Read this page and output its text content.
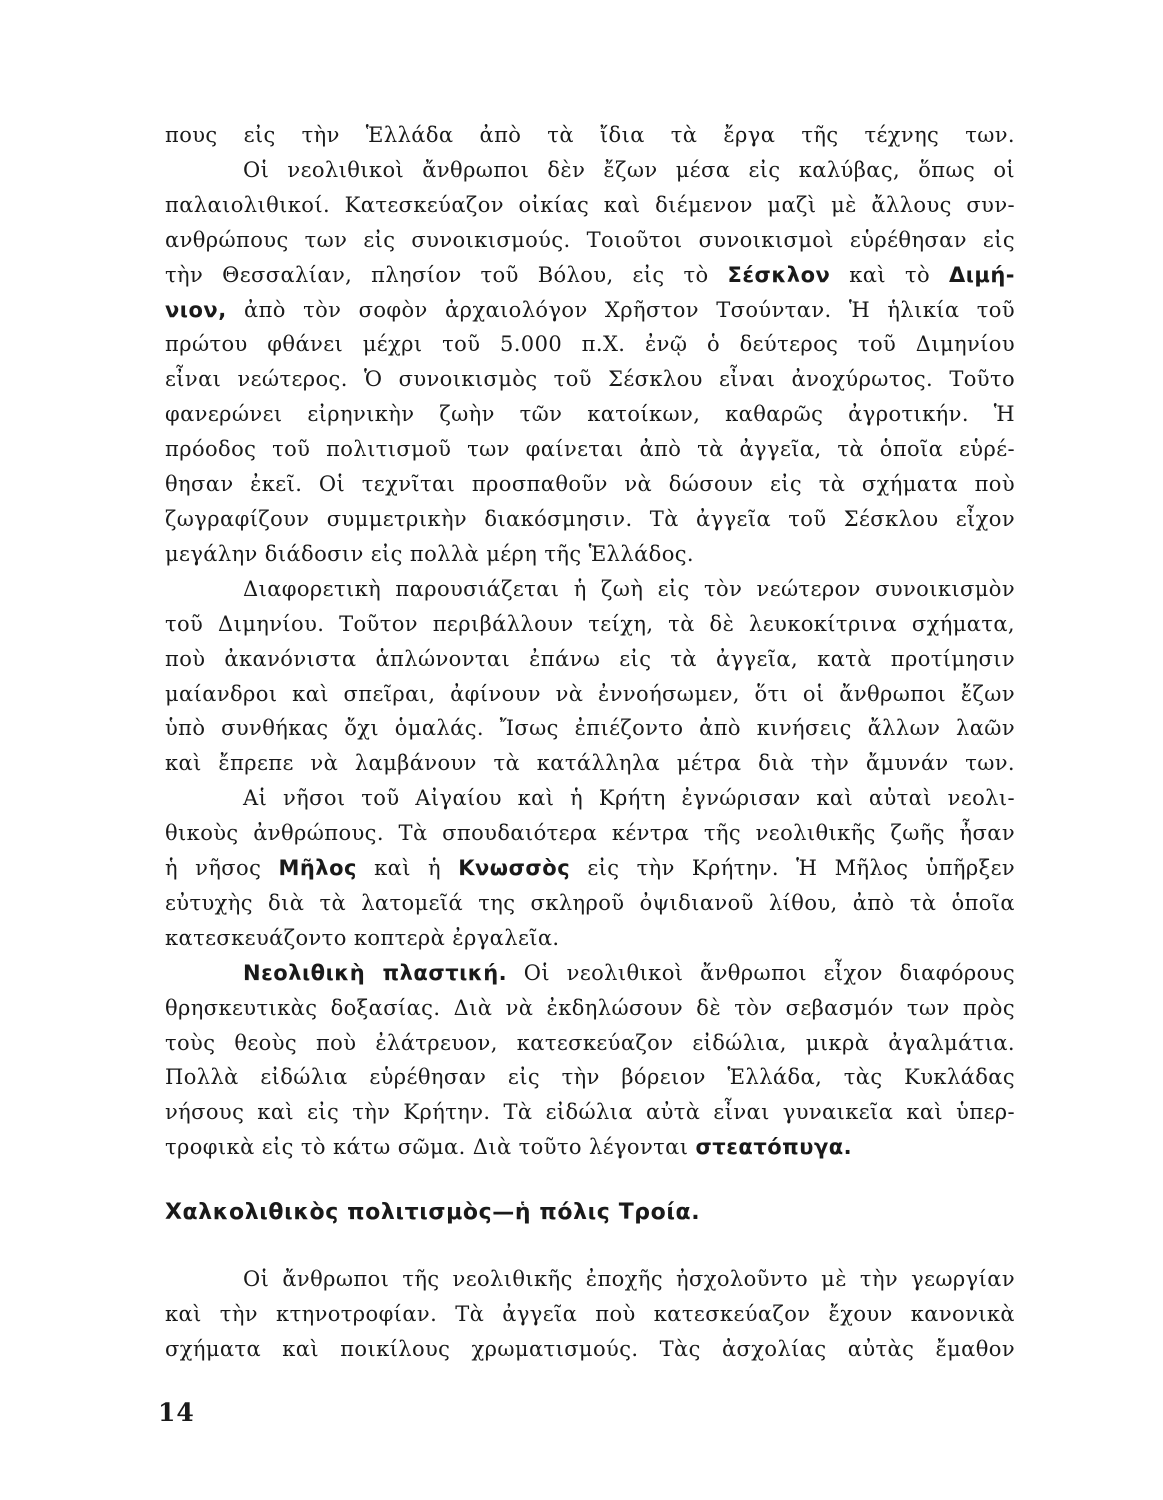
πους εἰς τὴν Ἑλλάδα ἀπὸ τὰ ἴδια τὰ ἔργα τῆς τέχνης των.
Οἱ νεολιθικοὶ ἄνθρωποι δὲν ἔζων μέσα εἰς καλύβας, ὅπως οἱ
παλαιολιθικοί. Κατεσκεύαζον οἰκίας καὶ διέμενον μαζὶ μὲ ἄλλους συν-
ανθρώπους των εἰς συνοικισμούς. Τοιοῦτοι συνοικισμοὶ εὑρέθησαν εἰς
τὴν Θεσσαλίαν, πλησίον τοῦ Βόλου, εἰς τὸ Σέσκλον καὶ τὸ Διμή-
νιον, ἀπὸ τὸν σοφὸν ἀρχαιολόγον Χρῆστον Τσούνταν. Ἡ ἡλικία τοῦ
πρώτου φθάνει μέχρι τοῦ 5.000 π.Χ. ἐνῷ ὁ δεύτερος τοῦ Διμηνίου
εἶναι νεώτερος. Ὁ συνοικισμὸς τοῦ Σέσκλου εἶναι ἀνοχύρωτος. Τοῦτο
φανερώνει εἰρηνικὴν ζωὴν τῶν κατοίκων, καθαρῶς ἀγροτικήν. Ἡ
πρόοδος τοῦ πολιτισμοῦ των φαίνεται ἀπὸ τὰ ἀγγεῖα, τὰ ὁποῖα εὑρέ-
θησαν ἐκεῖ. Οἱ τεχνῖται προσπαθοῦν νὰ δώσουν εἰς τὰ σχήματα ποὺ
ζωγραφίζουν συμμετρικὴν διακόσμησιν. Τὰ ἀγγεῖα τοῦ Σέσκλου εἶχον
μεγάλην διάδοσιν εἰς πολλὰ μέρη τῆς Ἑλλάδος.
Διαφορετικὴ παρουσιάζεται ἡ ζωὴ εἰς τὸν νεώτερον συνοικισμὸν
τοῦ Διμηνίου. Τοῦτον περιβάλλουν τείχη, τὰ δὲ λευκοκίτρινα σχήματα,
ποὺ ἀκανόνιστα ἁπλώνονται ἐπάνω εἰς τὰ ἀγγεῖα, κατὰ προτίμησιν
μαίανδροι καὶ σπεῖραι, ἀφίνουν νὰ ἐννοήσωμεν, ὅτι οἱ ἄνθρωποι ἔζων
ὑπὸ συνθήκας ὄχι ὁμαλάς. Ἴσως ἐπιέζοντο ἀπὸ κινήσεις ἄλλων λαῶν
καὶ ἔπρεπε νὰ λαμβάνουν τὰ κατάλληλα μέτρα διὰ τὴν ἄμυνάν των.
Αἱ νῆσοι τοῦ Αἰγαίου καὶ ἡ Κρήτη ἐγνώρισαν καὶ αὐταὶ νεολι-
θικοὺς ἀνθρώπους. Τὰ σπουδαιότερα κέντρα τῆς νεολιθικῆς ζωῆς ἦσαν
ἡ νῆσος Μῆλος καὶ ἡ Κνωσσὸς εἰς τὴν Κρήτην. Ἡ Μῆλος ὑπῆρξεν
εὐτυχὴς διὰ τὰ λατομεῖά της σκληροῦ ὀψιδιανοῦ λίθου, ἀπὸ τὰ ὁποῖα
κατεσκευάζοντο κοπτερὰ ἐργαλεῖα.
Νεολιθικὴ πλαστική. Οἱ νεολιθικοὶ ἄνθρωποι εἶχον διαφόρους
θρησκευτικὰς δοξασίας. Διὰ νὰ ἐκδηλώσουν δὲ τὸν σεβασμόν των πρὸς
τοὺς θεοὺς ποὺ ἐλάτρευον, κατεσκεύαζον εἰδώλια, μικρὰ ἀγαλμάτια.
Πολλὰ εἰδώλια εὑρέθησαν εἰς τὴν βόρειον Ἑλλάδα, τὰς Κυκλάδας
νήσους καὶ εἰς τὴν Κρήτην. Τὰ εἰδώλια αὐτὰ εἶναι γυναικεῖα καὶ ὑπερ-
τροφικὰ εἰς τὸ κάτω σῶμα. Διὰ τοῦτο λέγονται στεατόπυγα.
Χαλκολιθικὸς πολιτισμὸς—ἡ πόλις Τροία.
Οἱ ἄνθρωποι τῆς νεολιθικῆς ἐποχῆς ἠσχολοῦντο μὲ τὴν γεωργίαν
καὶ τὴν κτηνοτροφίαν. Τὰ ἀγγεῖα ποὺ κατεσκεύαζον ἔχουν κανονικὰ
σχήματα καὶ ποικίλους χρωματισμούς. Τὰς ἀσχολίας αὐτὰς ἔμαθον
14
